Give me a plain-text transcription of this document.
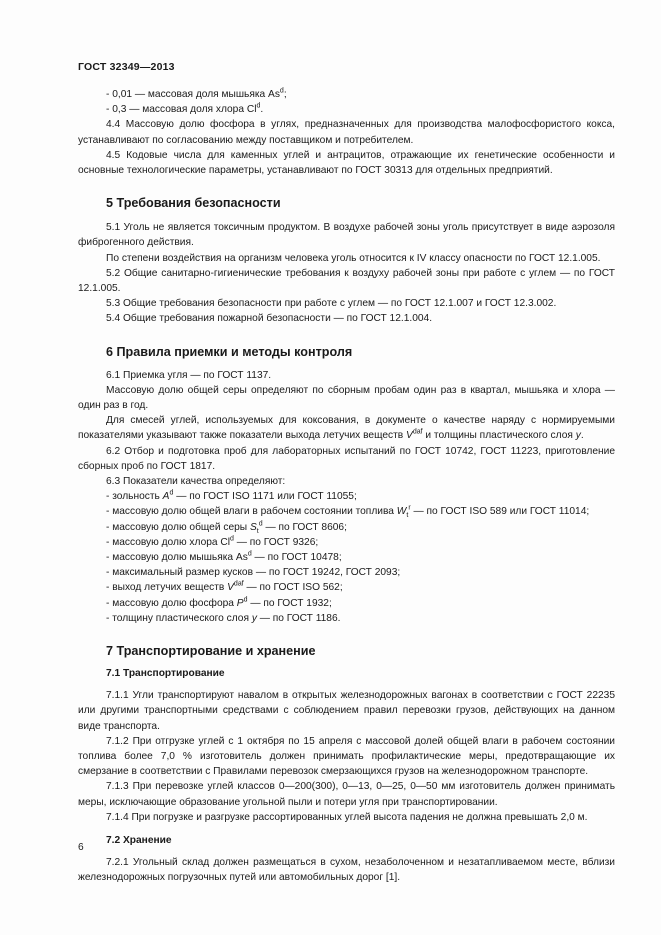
ГОСТ 32349—2013

- 0,01 — массовая доля мышьяка As$^d$;

- 0,3 — массовая доля хлора Cl$^d$.

4.4 Массовую долю фосфора в углях, предназначенных для производства малофосфористого кокса, устанавливают по согласованию между поставщиком и потребителем.

4.5 Кодовые числа для каменных углей и антрацитов, отражающие их генетические особенности и основные технологические параметры, устанавливают по ГОСТ 30313 для отдельных предприятий.

5 Требования безопасности

5.1 Уголь не является токсичным продуктом. В воздухе рабочей зоны уголь присутствует в виде аэрозоля фиброгенного действия.

По степени воздействия на организм человека уголь относится к IV классу опасности по ГОСТ 12.1.005.

5.2 Общие санитарно-гигиенические требования к воздуху рабочей зоны при работе с углем — по ГОСТ 12.1.005.

5.3 Общие требования безопасности при работе с углем — по ГОСТ 12.1.007 и ГОСТ 12.3.002.

5.4 Общие требования пожарной безопасности — по ГОСТ 12.1.004.

6 Правила приемки и методы контроля

6.1 Приемка угля — по ГОСТ 1137.

Массовую долю общей серы определяют по сборным пробам один раз в квартал, мышьяка и хлора — один раз в год.

Для смесей углей, используемых для коксования, в документе о качестве наряду с нормируемыми показателями указывают также показатели выхода летучих веществ $V^{daf}$ и толщины пластического слоя y.

6.2 Отбор и подготовка проб для лабораторных испытаний по ГОСТ 10742, ГОСТ 11223, приготовление сборных проб по ГОСТ 1817.

6.3 Показатели качества определяют:

- зольность $A^d$ — по ГОСТ ISO 1171 или ГОСТ 11055;

- массовую долю общей влаги в рабочем состоянии топлива $W_t^r$ — по ГОСТ ISO 589 или ГОСТ 11014;

- массовую долю общей серы $S_t^d$ — по ГОСТ 8606;

- массовую долю хлора Cl$^d$ — по ГОСТ 9326;

- массовую долю мышьяка As$^d$ — по ГОСТ 10478;

- максимальный размер кусков — по ГОСТ 19242, ГОСТ 2093;

- выход летучих веществ $V^{daf}$ — по ГОСТ ISO 562;

- массовую долю фосфора $P^d$ — по ГОСТ 1932;

- толщину пластического слоя y — по ГОСТ 1186.

7 Транспортирование и хранение
7.1 Транспортирование

7.1.1 Угли транспортируют навалом в открытых железнодорожных вагонах в соответствии с ГОСТ 22235 или другими транспортными средствами с соблюдением правил перевозки грузов, действующих на данном виде транспорта.

7.1.2 При отгрузке углей с 1 октября по 15 апреля с массовой долей общей влаги в рабочем состоянии топлива более 7,0 % изготовитель должен принимать профилактические меры, предотвращающие их смерзание в соответствии с Правилами перевозок смерзающихся грузов на железнодорожном транспорте.

7.1.3 При перевозке углей классов 0—200(300), 0—13, 0—25, 0—50 мм изготовитель должен принимать меры, исключающие образование угольной пыли и потери угля при транспортировании.

7.1.4 При погрузке и разгрузке рассортированных углей высота падения не должна превышать 2,0 м.

7.2 Хранение

7.2.1 Угольный склад должен размещаться в сухом, незаболоченном и незатапливаемом месте, вблизи железнодорожных погрузочных путей или автомобильных дорог [1].

6
